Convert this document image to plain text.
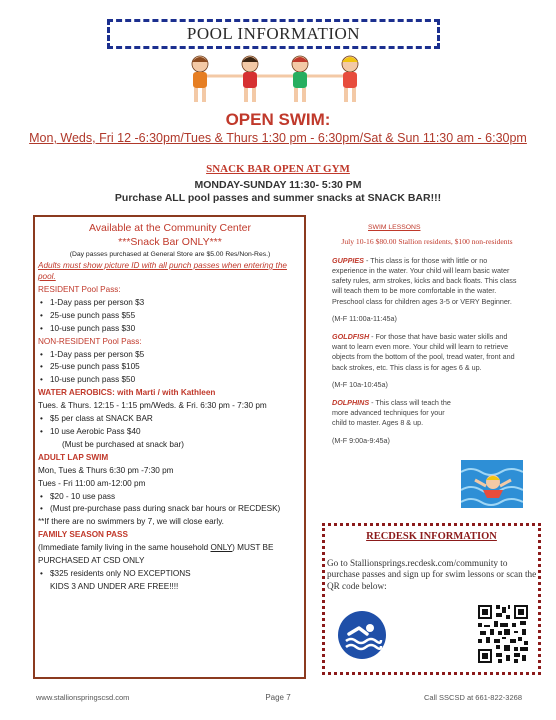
POOL INFORMATION
OPEN SWIM:
Mon, Weds, Fri 12 -6:30pm/Tues & Thurs 1:30 pm - 6:30pm/Sat & Sun 11:30 am - 6:30pm
SNACK BAR OPEN AT GYM
MONDAY-SUNDAY 11:30- 5:30 PM
Purchase ALL pool passes and summer snacks at SNACK BAR!!!
Available at the Community Center
***Snack Bar ONLY***
(Day passes purchased at General Store are $5.00 Res/Non-Res.)
Adults must show picture ID with all punch passes when entering the pool.
RESIDENT Pool Pass:
• 1-Day pass per person $3
• 25-use punch pass $55
• 10-use punch pass $30
NON-RESIDENT Pool Pass:
• 1-Day pass per person $5
• 25-use punch pass $105
• 10-use punch pass $50
WATER AEROBICS: with Marti / with Kathleen
Tues. & Thurs. 12:15 - 1:15 pm/Weds. & Fri. 6:30 pm - 7:30 pm
• $5 per class at SNACK BAR
• 10 use Aerobic Pass $40
(Must be purchased at snack bar)
ADULT LAP SWIM
Mon, Tues & Thurs 6:30 pm -7:30 pm
Tues - Fri 11:00 am-12:00 pm
• $20 - 10 use pass
• (Must pre-purchase pass during snack bar hours or RECDESK)
**If there are no swimmers by 7, we will close early.
FAMILY SEASON PASS
(Immediate family living in the same household ONLY) MUST BE PURCHASED AT CSD ONLY
• $325 residents only NO EXCEPTIONS
KIDS 3 AND UNDER ARE FREE!!!!
SWIM LESSONS
July 10-16 $80.00 Stallion residents, $100 non-residents
GUPPIES - This class is for those with little or no experience in the water. Your child will learn basic water safety rules, arm strokes, kicks and back floats. This class will teach them to be more comfortable in the water. Preschool class for children ages 3-5 or VERY Beginner.
(M-F 11:00a-11:45a)
GOLDFISH - For those that have basic water skills and want to learn even more. Your child will learn to retrieve objects from the bottom of the pool, tread water, front and back strokes, etc. This class is for ages 6 & up.
(M-F 10a-10:45a)
DOLPHINS - This class will teach the more advanced techniques for your child to master. Ages 8 & up.
(M-F 9:00a-9:45a)
RECDESK INFORMATION
Go to Stallionsprings.recdesk.com/community to purchase passes and sign up for swim lessons or scan the QR code below:
www.stallionspringscsd.com	Page 7	Call SSCSD at 661-822-3268
